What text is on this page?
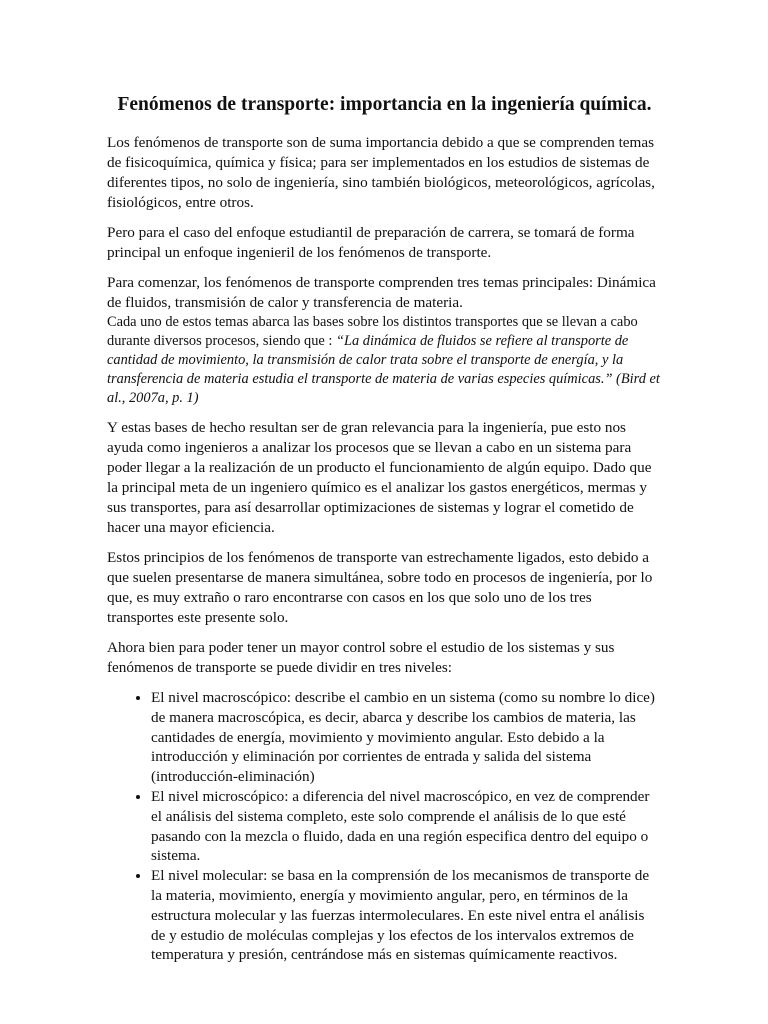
Fenómenos de transporte: importancia en la ingeniería química.

Los fenómenos de transporte son de suma importancia debido a que se comprenden temas de fisicoquímica, química y física; para ser implementados en los estudios de sistemas de diferentes tipos, no solo de ingeniería, sino también biológicos, meteorológicos, agrícolas, fisiológicos, entre otros.

Pero para el caso del enfoque estudiantil de preparación de carrera, se tomará de forma principal un enfoque ingenieril de los fenómenos de transporte.

Para comenzar, los fenómenos de transporte comprenden tres temas principales: Dinámica de fluidos, transmisión de calor y transferencia de materia.

Cada uno de estos temas abarca las bases sobre los distintos transportes que se llevan a cabo durante diversos procesos, siendo que : “La dinámica de fluidos se refiere al transporte de cantidad de movimiento, la transmisión de calor trata sobre el transporte de energía, y la transferencia de materia estudia el transporte de materia de varias especies químicas.” (Bird et al., 2007a, p. 1)

Y estas bases de hecho resultan ser de gran relevancia para la ingeniería, pue esto nos ayuda como ingenieros a analizar los procesos que se llevan a cabo en un sistema para poder llegar a la realización de un producto el funcionamiento de algún equipo. Dado que la principal meta de un ingeniero químico es el analizar los gastos energéticos, mermas y sus transportes, para así desarrollar optimizaciones de sistemas y lograr el cometido de hacer una mayor eficiencia.

Estos principios de los fenómenos de transporte van estrechamente ligados, esto debido a que suelen presentarse de manera simultánea, sobre todo en procesos de ingeniería, por lo que, es muy extraño o raro encontrarse con casos en los que solo uno de los tres transportes este presente solo.

Ahora bien para poder tener un mayor control sobre el estudio de los sistemas y sus fenómenos de transporte se puede dividir en tres niveles:

• El nivel macroscópico: describe el cambio en un sistema (como su nombre lo dice) de manera macroscópica, es decir, abarca y describe los cambios de materia, las cantidades de energía, movimiento y movimiento angular. Esto debido a la introducción y eliminación por corrientes de entrada y salida del sistema (introducción-eliminación)
• El nivel microscópico: a diferencia del nivel macroscópico, en vez de comprender el análisis del sistema completo, este solo comprende el análisis de lo que esté pasando con la mezcla o fluido, dada en una región especifica dentro del equipo o sistema.
• El nivel molecular: se basa en la comprensión de los mecanismos de transporte de la materia, movimiento, energía y movimiento angular, pero, en términos de la estructura molecular y las fuerzas intermoleculares. En este nivel entra el análisis de y estudio de moléculas complejas y los efectos de los intervalos extremos de temperatura y presión, centrándose más en sistemas químicamente reactivos.
